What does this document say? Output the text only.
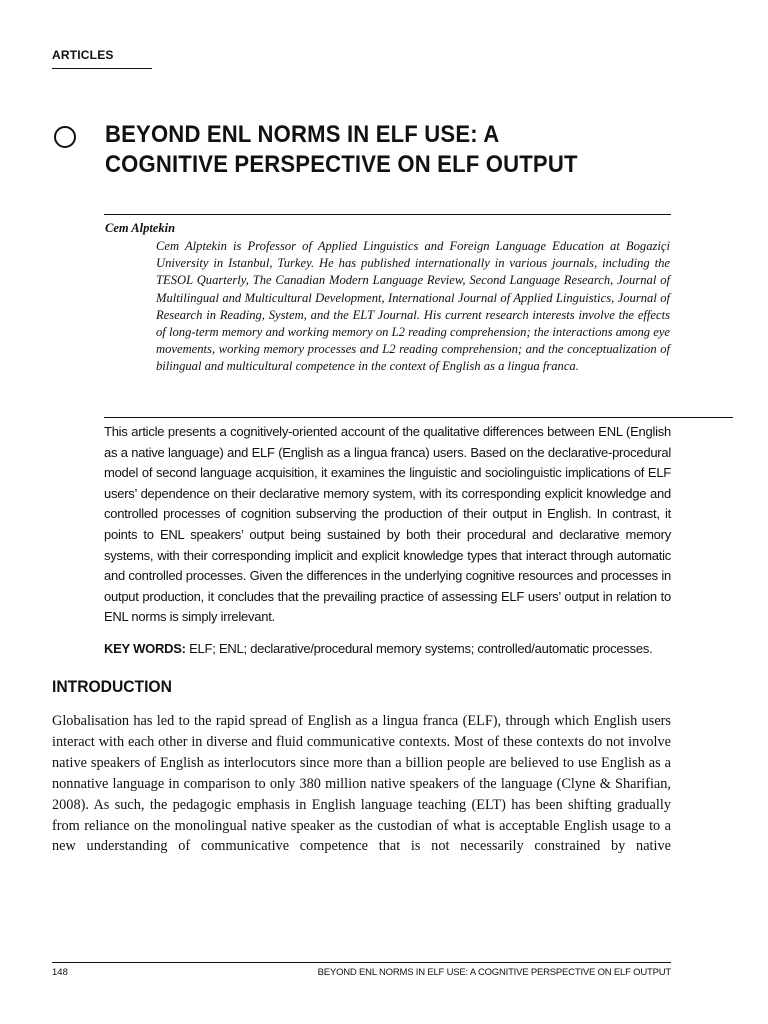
ARTICLES

BEYOND ENL NORMS IN ELF USE: A COGNITIVE PERSPECTIVE ON ELF OUTPUT

Cem Alptekin

Cem Alptekin is Professor of Applied Linguistics and Foreign Language Education at Bogaziçi University in Istanbul, Turkey. He has published internationally in various journals, including the TESOL Quarterly, The Canadian Modern Language Review, Second Language Research, Journal of Multilingual and Multicultural Development, International Journal of Applied Linguistics, Journal of Research in Reading, System, and the ELT Journal. His current research interests involve the effects of long-term memory and working memory on L2 reading comprehension; the interactions among eye movements, working memory processes and L2 reading comprehension; and the conceptualization of bilingual and multicultural competence in the context of English as a lingua franca.

This article presents a cognitively-oriented account of the qualitative differences between ENL (English as a native language) and ELF (English as a lingua franca) users. Based on the declarative-procedural model of second language acquisition, it examines the linguistic and sociolinguistic implications of ELF users’ dependence on their declarative memory system, with its corresponding explicit knowledge and controlled processes of cognition subserving the production of their output in English. In contrast, it points to ENL speakers’ output being sustained by both their procedural and declarative memory systems, with their corresponding implicit and explicit knowledge types that interact through automatic and controlled processes. Given the differences in the underlying cognitive resources and processes in output production, it concludes that the prevailing practice of assessing ELF users’ output in relation to ENL norms is simply irrelevant.

KEY WORDS: ELF; ENL; declarative/procedural memory systems; controlled/automatic processes.

INTRODUCTION

Globalisation has led to the rapid spread of English as a lingua franca (ELF), through which English users interact with each other in diverse and fluid communicative contexts. Most of these contexts do not involve native speakers of English as interlocutors since more than a billion people are believed to use English as a nonnative language in comparison to only 380 million native speakers of the language (Clyne & Sharifian, 2008). As such, the pedagogic emphasis in English language teaching (ELT) has been shifting gradually from reliance on the monolingual native speaker as the custodian of what is acceptable English usage to a new understanding of communicative competence that is not necessarily constrained by native

148	BEYOND ENL NORMS IN ELF USE: A COGNITIVE PERSPECTIVE ON ELF OUTPUT
